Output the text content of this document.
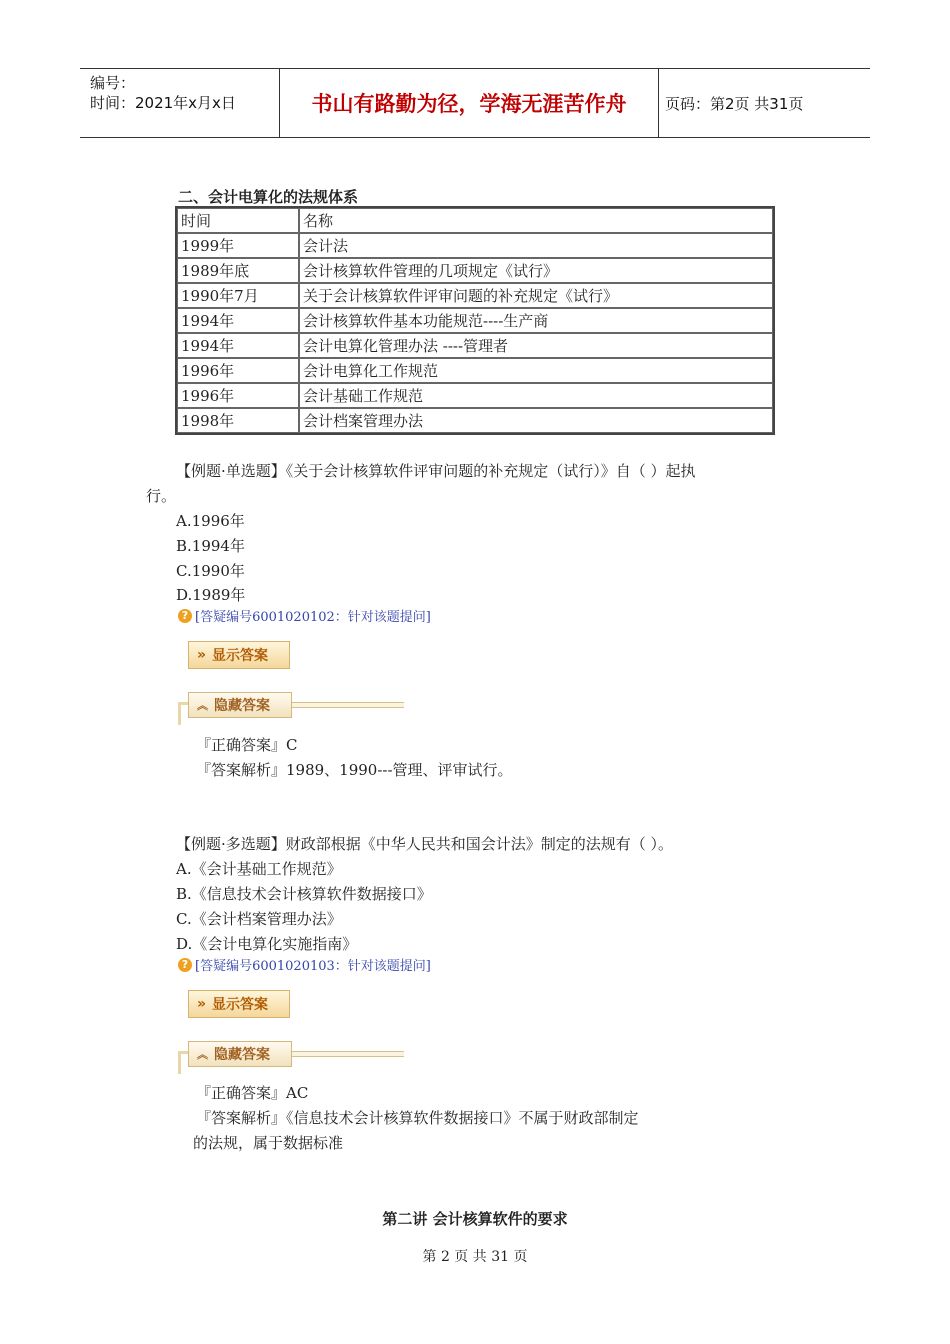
编号：
时间：2021年x月x日	书山有路勤为径，学海无涯苦作舟	页码：第2页 共31页
二、会计电算化的法规体系
时间	名称
1999年	会计法
1989年底	会计核算软件管理的几项规定《试行》
1990年7月	关于会计核算软件评审问题的补充规定《试行》
1994年	会计核算软件基本功能规范----生产商
1994年	会计电算化管理办法 ----管理者
1996年	会计电算化工作规范
1996年	会计基础工作规范
1998年	会计档案管理办法
【例题·单选题】《关于会计核算软件评审问题的补充规定（试行）》自（ ）起执
行。
A.1996年
B.1994年
C.1990年
D.1989年
? [答疑编号6001020102：针对该题提问]
» 显示答案
︽ 隐藏答案
『正确答案』C
『答案解析』1989、1990---管理、评审试行。
【例题·多选题】财政部根据《中华人民共和国会计法》制定的法规有（ ）。
A.《会计基础工作规范》
B.《信息技术会计核算软件数据接口》
C.《会计档案管理办法》
D.《会计电算化实施指南》
? [答疑编号6001020103：针对该题提问]
» 显示答案
︽ 隐藏答案
『正确答案』AC
『答案解析』《信息技术会计核算软件数据接口》不属于财政部制定
的法规，属于数据标准
第二讲 会计核算软件的要求
第 2 页 共 31 页
